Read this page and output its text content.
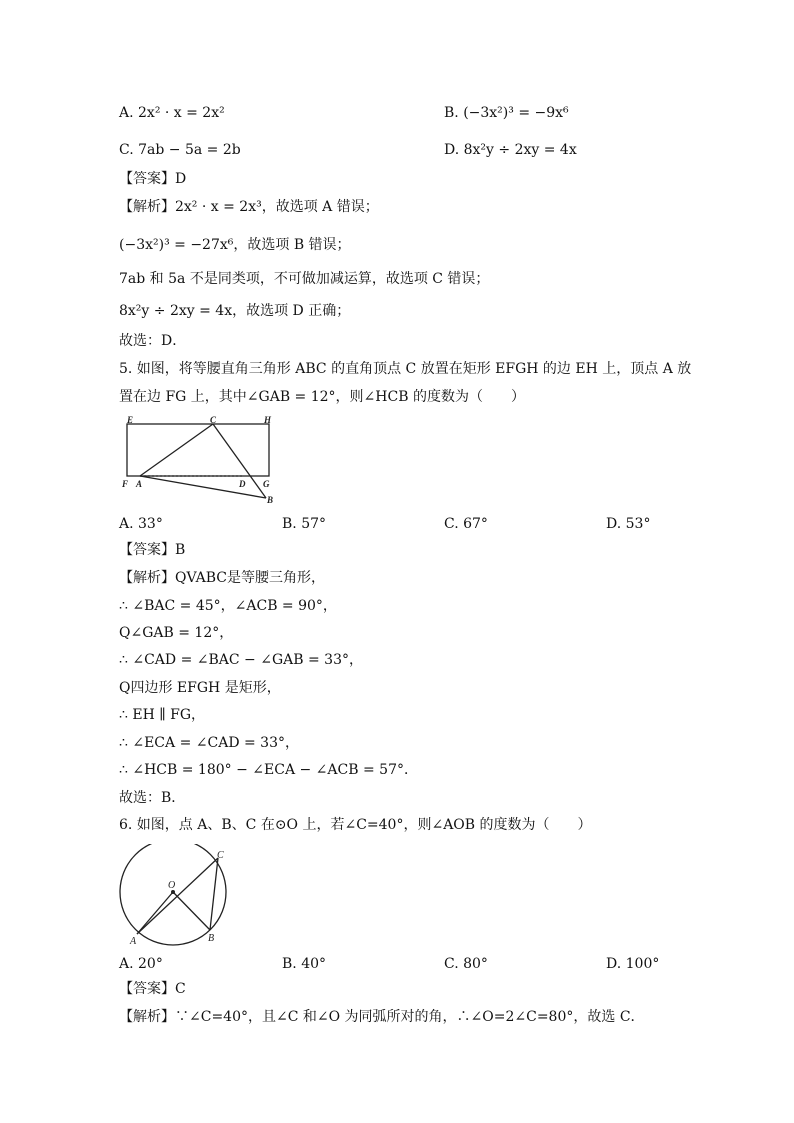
A. 2x² · x = 2x²	B. (−3x²)³ = −9x⁶
C. 7ab − 5a = 2b	D. 8x²y ÷ 2xy = 4x
【答案】D
【解析】2x² · x = 2x³，故选项 A 错误；
(−3x²)³ = −27x⁶，故选项 B 错误；
7ab 和 5a 不是同类项，不可做加减运算，故选项 C 错误；
8x²y ÷ 2xy = 4x，故选项 D 正确；
故选：D．
5. 如图，将等腰直角三角形 ABC 的直角顶点 C 放置在矩形 EFGH 的边 EH 上，顶点 A 放
置在边 FG 上，其中∠GAB = 12°，则∠HCB 的度数为（　　）
E	C	H
F A	D G
B
A. 33°	B. 57°	C. 67°	D. 53°
【答案】B
【解析】QVABC是等腰三角形，
∴ ∠BAC = 45°，∠ACB = 90°，
Q∠GAB = 12°，
∴ ∠CAD = ∠BAC − ∠GAB = 33°，
Q四边形 EFGH 是矩形，
∴ EH ∥ FG，
∴ ∠ECA = ∠CAD = 33°，
∴ ∠HCB = 180° − ∠ECA − ∠ACB = 57°．
故选：B．
6. 如图，点 A、B、C 在⊙O 上，若∠C=40°，则∠AOB 的度数为（　　）
O
A	B
C
A. 20°	B. 40°	C. 80°	D. 100°
【答案】C
【解析】∵∠C=40°，且∠C 和∠O 为同弧所对的角，∴∠O=2∠C=80°，故选 C．
